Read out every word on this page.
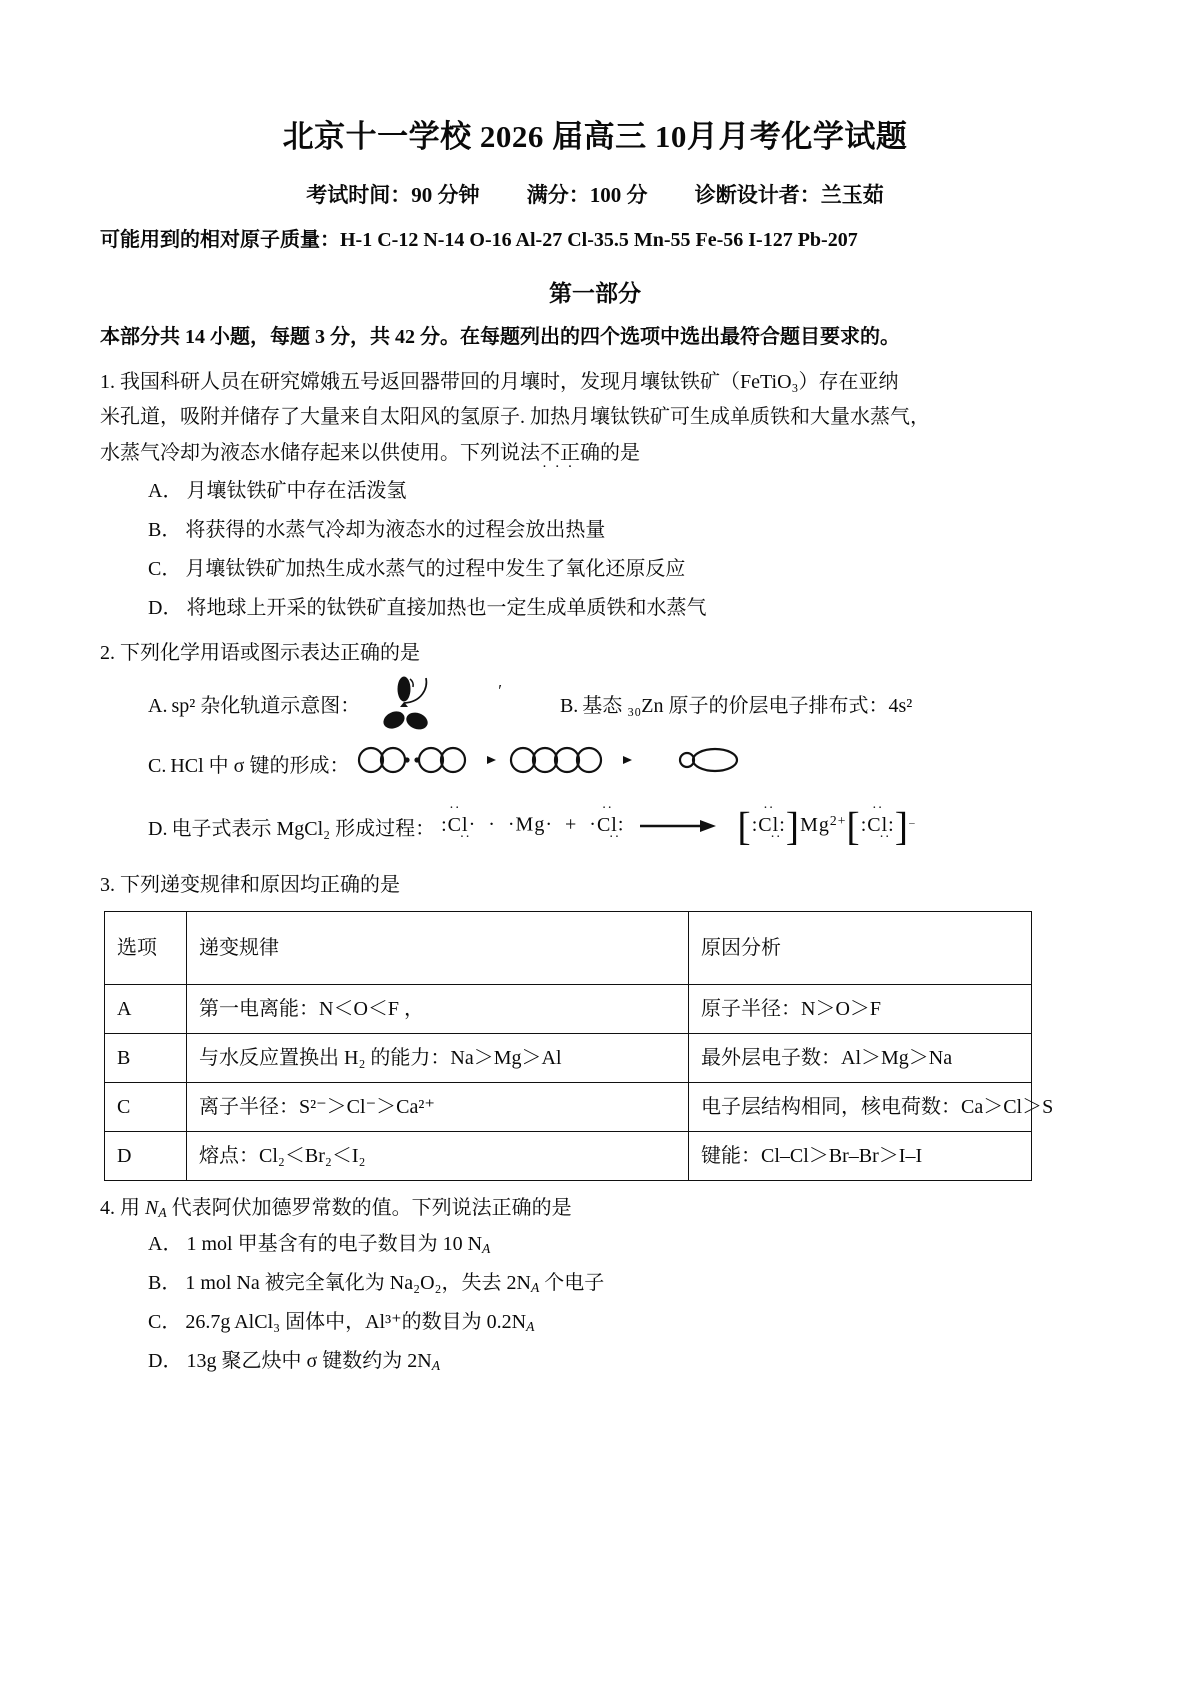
北京十一学校 2026 届高三 10月月考化学试题
考试时间：90 分钟 满分：100 分 诊断设计者：兰玉茹
可能用到的相对原子质量：H-1 C-12 N-14 O-16 Al-27 Cl-35.5 Mn-55 Fe-56 I-127 Pb-207
第一部分
本部分共 14 小题，每题 3 分，共 42 分。在每题列出的四个选项中选出最符合题目要求的。

1. 我国科研人员在研究嫦娥五号返回器带回的月壤时，发现月壤钛铁矿（FeTiO₃）存在亚纳
米孔道，吸附并储存了大量来自太阳风的氢原子. 加热月壤钛铁矿可生成单质铁和大量水蒸气，
水蒸气冷却为液态水储存起来以供使用。下列说法不正确 · · ·的是

A． 月壤钛铁矿中存在活泼氢
B． 将获得的水蒸气冷却为液态水的过程会放出热量
C． 月壤钛铁矿加热生成水蒸气的过程中发生了氧化还原反应
D． 将地球上开采的钛铁矿直接加热也一定生成单质铁和水蒸气

2. 下列化学用语或图示表达正确的是

A. sp² 杂化轨道示意图：
′
B. 基态 ₃₀Zn 原子的价层电子排布式：4s²
C. HCl 中 σ 键的形成：
D. 电子式表示 MgCl₂ 形成过程： ·· :Cl ···  ·  ·Mg·  +  ··· Cl ··:	[·· :Cl $\cdot\cdot:]Mg^{2+}[\cdot\cdot$ :Cl ··:]–

3. 下列递变规律和原因均正确的是

选项	递变规律	原因分析
A	第一电离能：N＜O＜F ，	原子半径：N＞O＞F
B	与水反应置换出 H₂ 的能力：Na＞Mg＞Al	最外层电子数：Al＞Mg＞Na
C	离子半径：S²⁻＞Cl⁻＞Ca²⁺	电子层结构相同，核电荷数：Ca＞Cl＞S

D	熔点：Cl₂＜Br₂＜I₂	键能：Cl–Cl＞Br–Br＞I–I

4. 用 $N_A$ 代表阿伏加德罗常数的值。下列说法正确的是

A． 1 mol 甲基含有的电子数目为 10 $N_A$
B． 1 mol Na 被完全氧化为 Na₂O₂，失去 $2N_A$ 个电子
C． 26.7g AlCl₃ 固体中，Al³⁺的数目为 $0.2N_A$
D． 13g 聚乙炔中 σ 键数约为 $2N_A$
